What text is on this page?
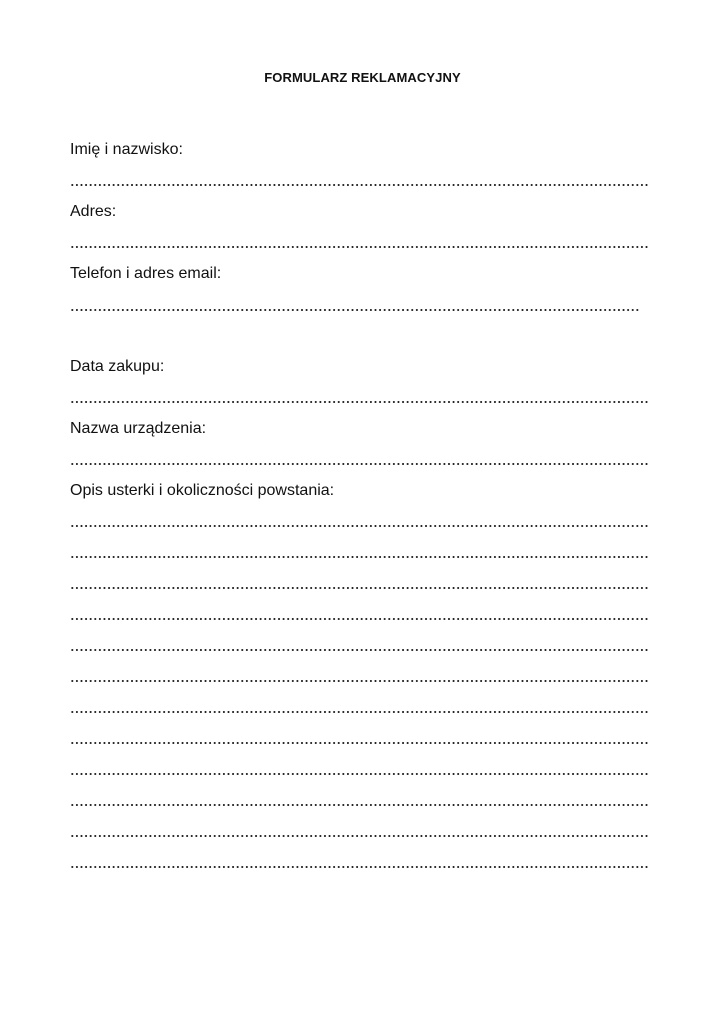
FORMULARZ REKLAMACYJNY
Imię i nazwisko:
Adres:
Telefon i adres email:
Data zakupu:
Nazwa urządzenia:
Opis usterki i okoliczności powstania:
